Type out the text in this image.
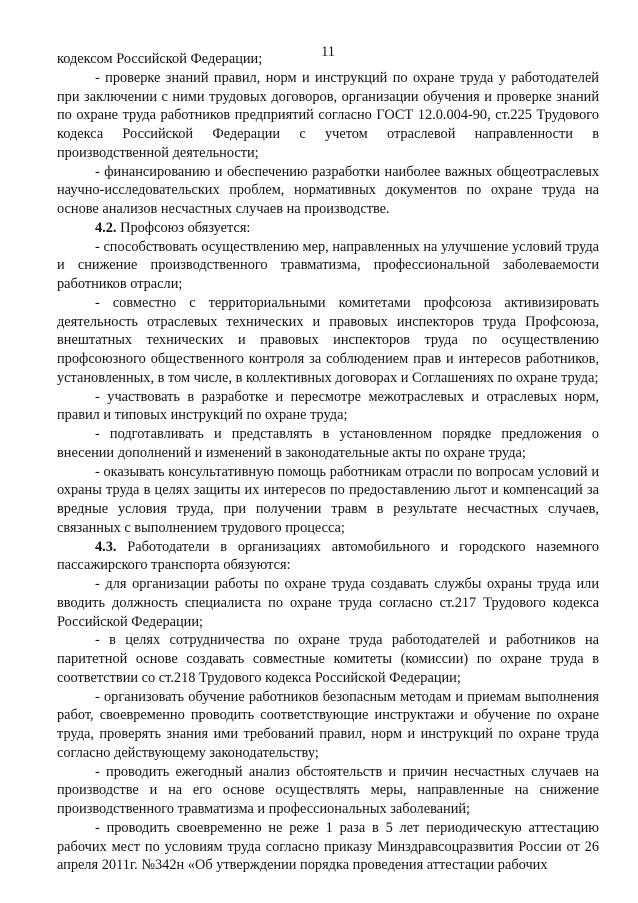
11

кодексом Российской Федерации;

- проверке знаний правил, норм и инструкций по охране труда у работодателей при заключении с ними трудовых договоров, организации обучения и проверке знаний по охране труда работников предприятий согласно ГОСТ 12.0.004-90, ст.225 Трудового кодекса Российской Федерации с учетом отраслевой направленности в производственной деятельности;

- финансированию и обеспечению разработки наиболее важных общеотраслевых научно-исследовательских проблем, нормативных документов по охране труда на основе анализов несчастных случаев на производстве.

4.2. Профсоюз обязуется:

- способствовать осуществлению мер, направленных на улучшение условий труда и снижение производственного травматизма, профессиональной заболеваемости работников отрасли;

- совместно с территориальными комитетами профсоюза активизировать деятельность отраслевых технических и правовых инспекторов труда Профсоюза, внештатных технических и правовых инспекторов труда по осуществлению профсоюзного общественного контроля за соблюдением прав и интересов работников, установленных, в том числе, в коллективных договорах и Соглашениях по охране труда;

- участвовать в разработке и пересмотре межотраслевых и отраслевых норм, правил и типовых инструкций по охране труда;

- подготавливать и представлять в установленном порядке предложения о внесении дополнений и изменений в законодательные акты по охране труда;

- оказывать консультативную помощь работникам отрасли по вопросам условий и охраны труда в целях защиты их интересов по предоставлению льгот и компенсаций за вредные условия труда, при получении травм в результате несчастных случаев, связанных с выполнением трудового процесса;

4.3. Работодатели в организациях автомобильного и городского наземного пассажирского транспорта обязуются:

- для организации работы по охране труда создавать службы охраны труда или вводить должность специалиста по охране труда согласно ст.217 Трудового кодекса Российской Федерации;

- в целях сотрудничества по охране труда работодателей и работников на паритетной основе создавать совместные комитеты (комиссии) по охране труда в соответствии со ст.218 Трудового кодекса Российской Федерации;

- организовать обучение работников безопасным методам и приемам выполнения работ, своевременно проводить соответствующие инструктажи и обучение по охране труда, проверять знания ими требований правил, норм и инструкций по охране труда согласно действующему законодательству;

- проводить ежегодный анализ обстоятельств и причин несчастных случаев на производстве и на его основе осуществлять меры, направленные на снижение производственного травматизма и профессиональных заболеваний;

- проводить своевременно не реже 1 раза в 5 лет периодическую аттестацию рабочих мест по условиям труда согласно приказу Минздравсоцразвития России от 26 апреля 2011г. №342н «Об утверждении порядка проведения аттестации рабочих
